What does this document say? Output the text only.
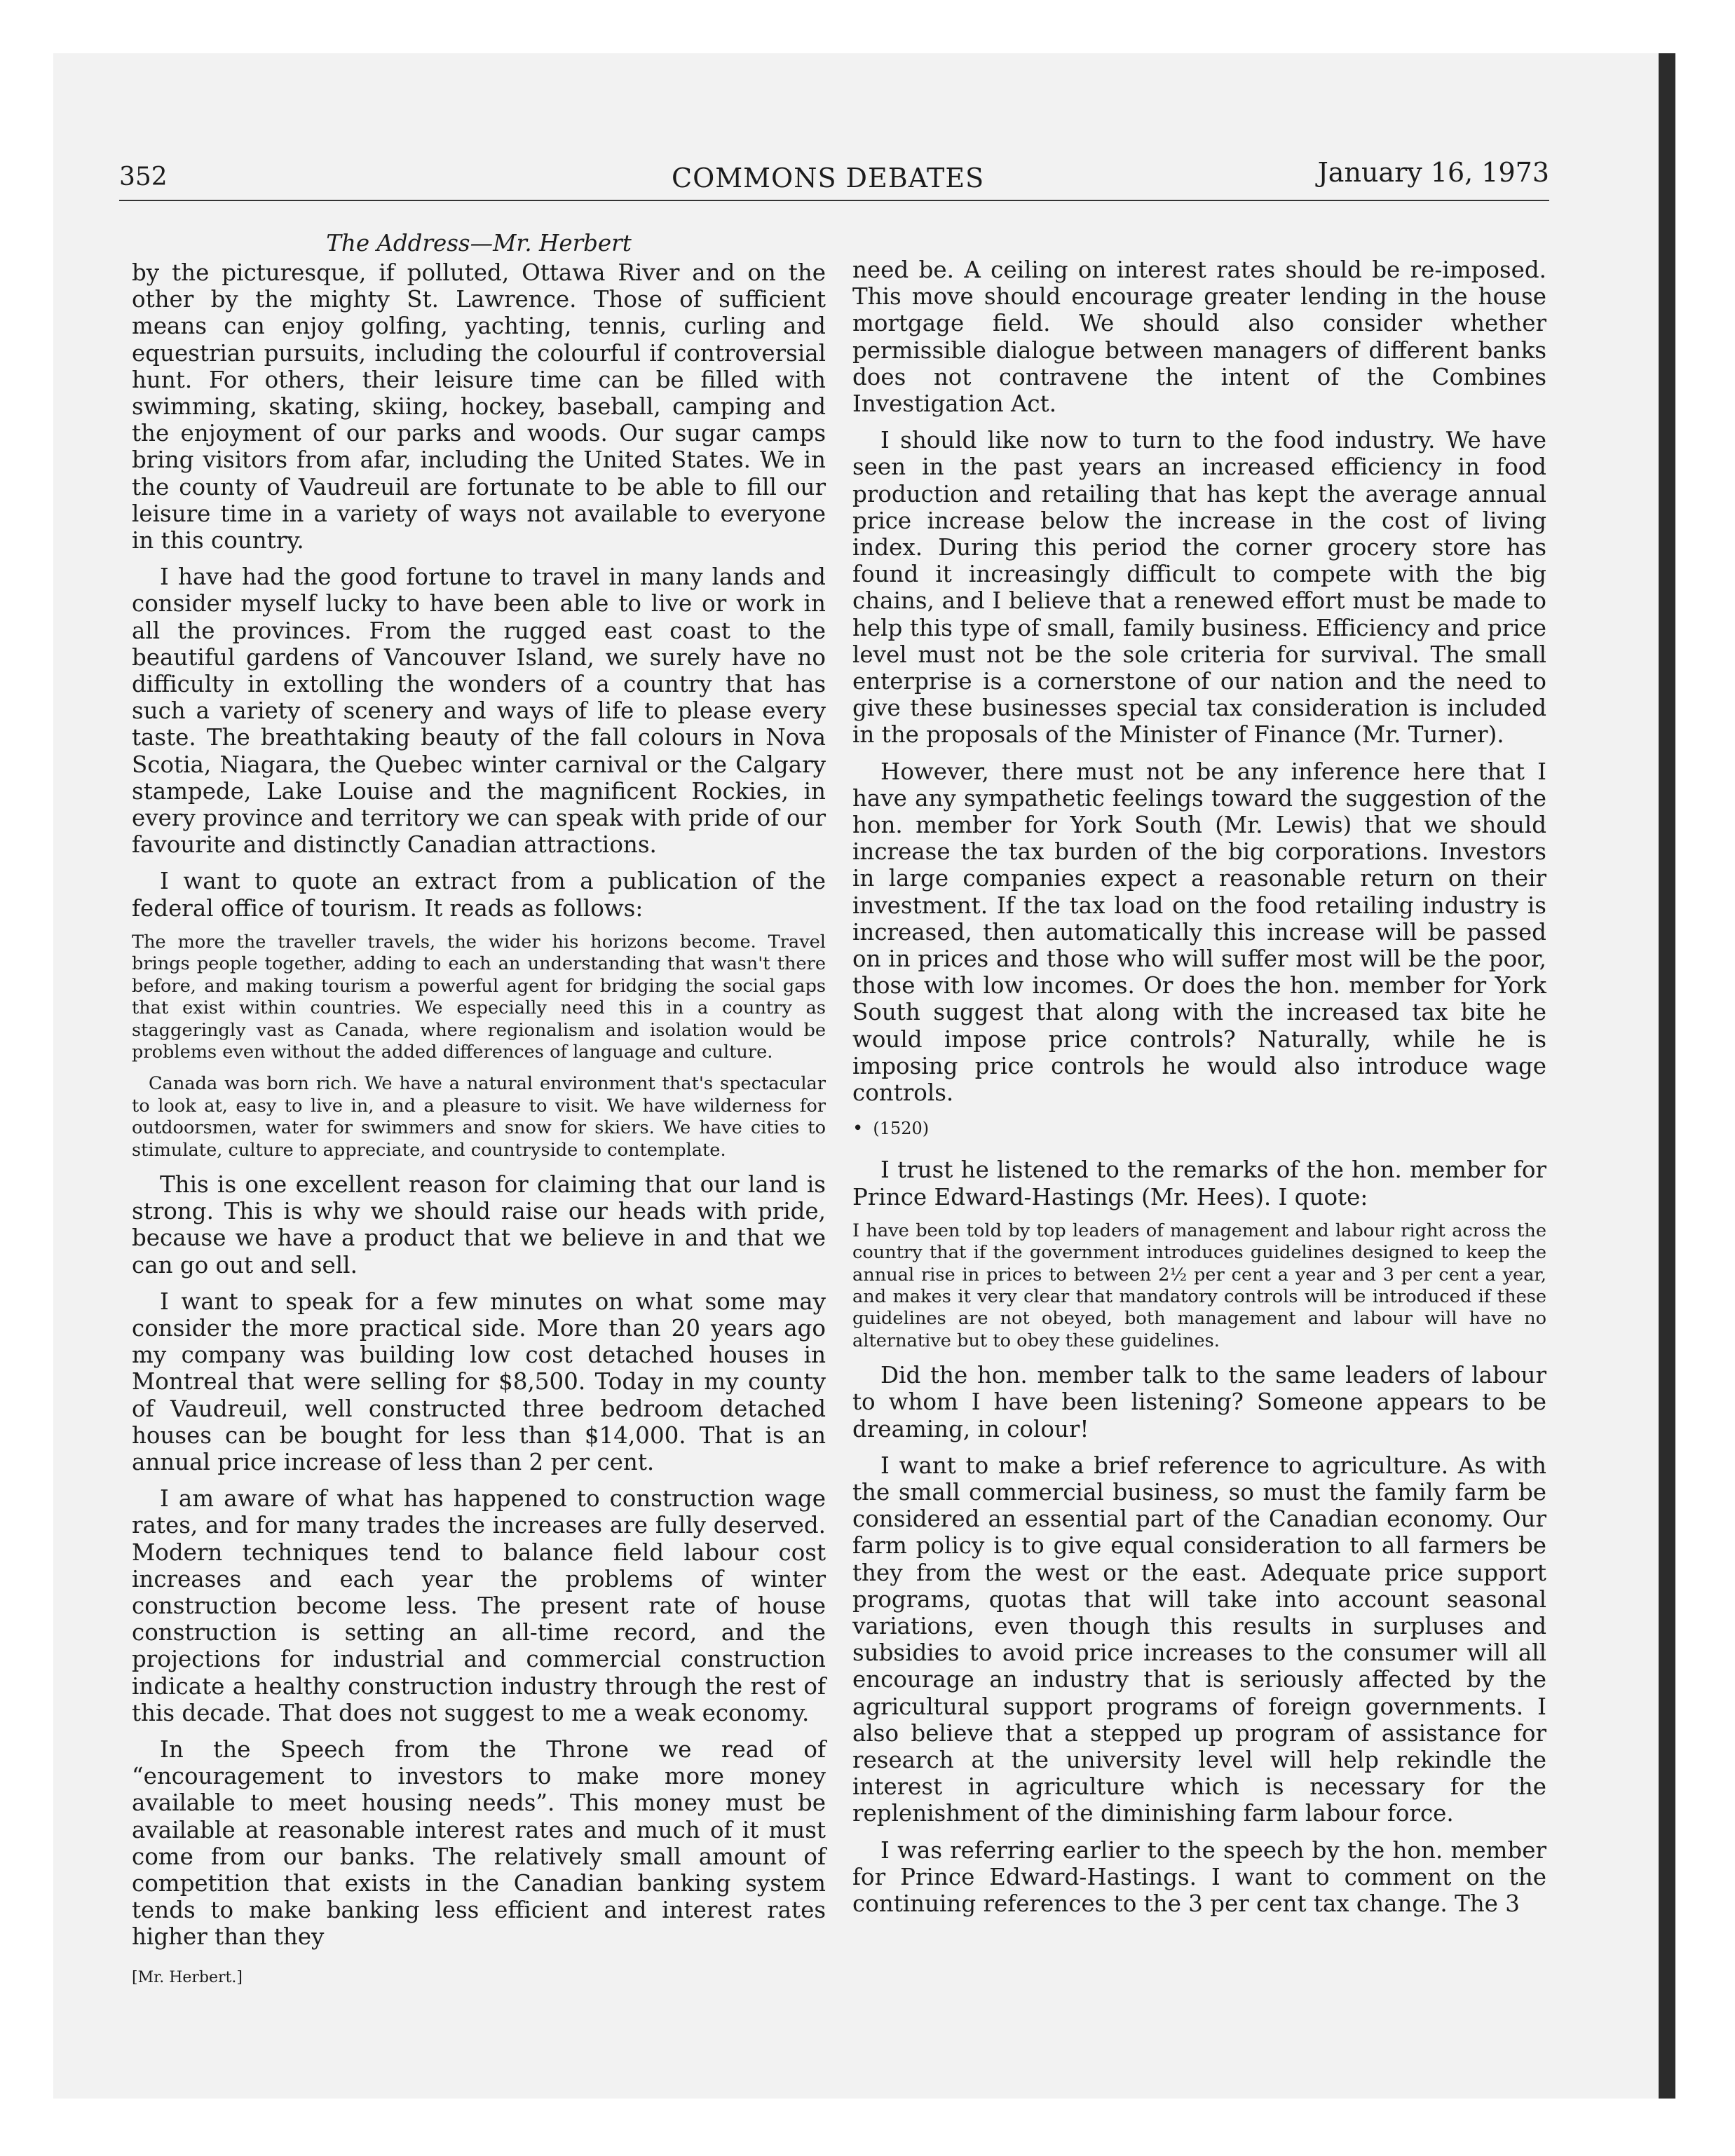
352	COMMONS DEBATES	January 16, 1973
The Address—Mr. Herbert

by the picturesque, if polluted, Ottawa River and on the other by the mighty St. Lawrence. Those of sufficient means can enjoy golfing, yachting, tennis, curling and equestrian pursuits, including the colourful if controversial hunt. For others, their leisure time can be filled with swimming, skating, skiing, hockey, baseball, camping and the enjoyment of our parks and woods. Our sugar camps bring visitors from afar, including the United States. We in the county of Vaudreuil are fortunate to be able to fill our leisure time in a variety of ways not available to everyone in this country.

I have had the good fortune to travel in many lands and consider myself lucky to have been able to live or work in all the provinces. From the rugged east coast to the beautiful gardens of Vancouver Island, we surely have no difficulty in extolling the wonders of a country that has such a variety of scenery and ways of life to please every taste. The breathtaking beauty of the fall colours in Nova Scotia, Niagara, the Quebec winter carnival or the Calgary stampede, Lake Louise and the magnificent Rockies, in every province and territory we can speak with pride of our favourite and distinctly Canadian attractions.

I want to quote an extract from a publication of the federal office of tourism. It reads as follows:

The more the traveller travels, the wider his horizons become. Travel brings people together, adding to each an understanding that wasn't there before, and making tourism a powerful agent for bridging the social gaps that exist within countries. We especially need this in a country as staggeringly vast as Canada, where regionalism and isolation would be problems even without the added differences of language and culture.

Canada was born rich. We have a natural environment that's spectacular to look at, easy to live in, and a pleasure to visit. We have wilderness for outdoorsmen, water for swimmers and snow for skiers. We have cities to stimulate, culture to appreciate, and countryside to contemplate.

This is one excellent reason for claiming that our land is strong. This is why we should raise our heads with pride, because we have a product that we believe in and that we can go out and sell.

I want to speak for a few minutes on what some may consider the more practical side. More than 20 years ago my company was building low cost detached houses in Montreal that were selling for $8,500. Today in my county of Vaudreuil, well constructed three bedroom detached houses can be bought for less than $14,000. That is an annual price increase of less than 2 per cent.

I am aware of what has happened to construction wage rates, and for many trades the increases are fully deserved. Modern techniques tend to balance field labour cost increases and each year the problems of winter construction become less. The present rate of house construction is setting an all-time record, and the projections for industrial and commercial construction indicate a healthy construction industry through the rest of this decade. That does not suggest to me a weak economy.

In the Speech from the Throne we read of “encouragement to investors to make more money available to meet housing needs”. This money must be available at reasonable interest rates and much of it must come from our banks. The relatively small amount of competition that exists in the Canadian banking system tends to make banking less efficient and interest rates higher than they

[Mr. Herbert.]

need be. A ceiling on interest rates should be re-imposed. This move should encourage greater lending in the house mortgage field. We should also consider whether permissible dialogue between managers of different banks does not contravene the intent of the Combines Investigation Act.

I should like now to turn to the food industry. We have seen in the past years an increased efficiency in food production and retailing that has kept the average annual price increase below the increase in the cost of living index. During this period the corner grocery store has found it increasingly difficult to compete with the big chains, and I believe that a renewed effort must be made to help this type of small, family business. Efficiency and price level must not be the sole criteria for survival. The small enterprise is a cornerstone of our nation and the need to give these businesses special tax consideration is included in the proposals of the Minister of Finance (Mr. Turner).

However, there must not be any inference here that I have any sympathetic feelings toward the suggestion of the hon. member for York South (Mr. Lewis) that we should increase the tax burden of the big corporations. Investors in large companies expect a reasonable return on their investment. If the tax load on the food retailing industry is increased, then automatically this increase will be passed on in prices and those who will suffer most will be the poor, those with low incomes. Or does the hon. member for York South suggest that along with the increased tax bite he would impose price controls? Naturally, while he is imposing price controls he would also introduce wage controls.

• (1520)

I trust he listened to the remarks of the hon. member for Prince Edward-Hastings (Mr. Hees). I quote:

I have been told by top leaders of management and labour right across the country that if the government introduces guidelines designed to keep the annual rise in prices to between 2½ per cent a year and 3 per cent a year, and makes it very clear that mandatory controls will be introduced if these guidelines are not obeyed, both management and labour will have no alternative but to obey these guidelines.

Did the hon. member talk to the same leaders of labour to whom I have been listening? Someone appears to be dreaming, in colour!

I want to make a brief reference to agriculture. As with the small commercial business, so must the family farm be considered an essential part of the Canadian economy. Our farm policy is to give equal consideration to all farmers be they from the west or the east. Adequate price support programs, quotas that will take into account seasonal variations, even though this results in surpluses and subsidies to avoid price increases to the consumer will all encourage an industry that is seriously affected by the agricultural support programs of foreign governments. I also believe that a stepped up program of assistance for research at the university level will help rekindle the interest in agriculture which is necessary for the replenishment of the diminishing farm labour force.

I was referring earlier to the speech by the hon. member for Prince Edward-Hastings. I want to comment on the continuing references to the 3 per cent tax change. The 3
